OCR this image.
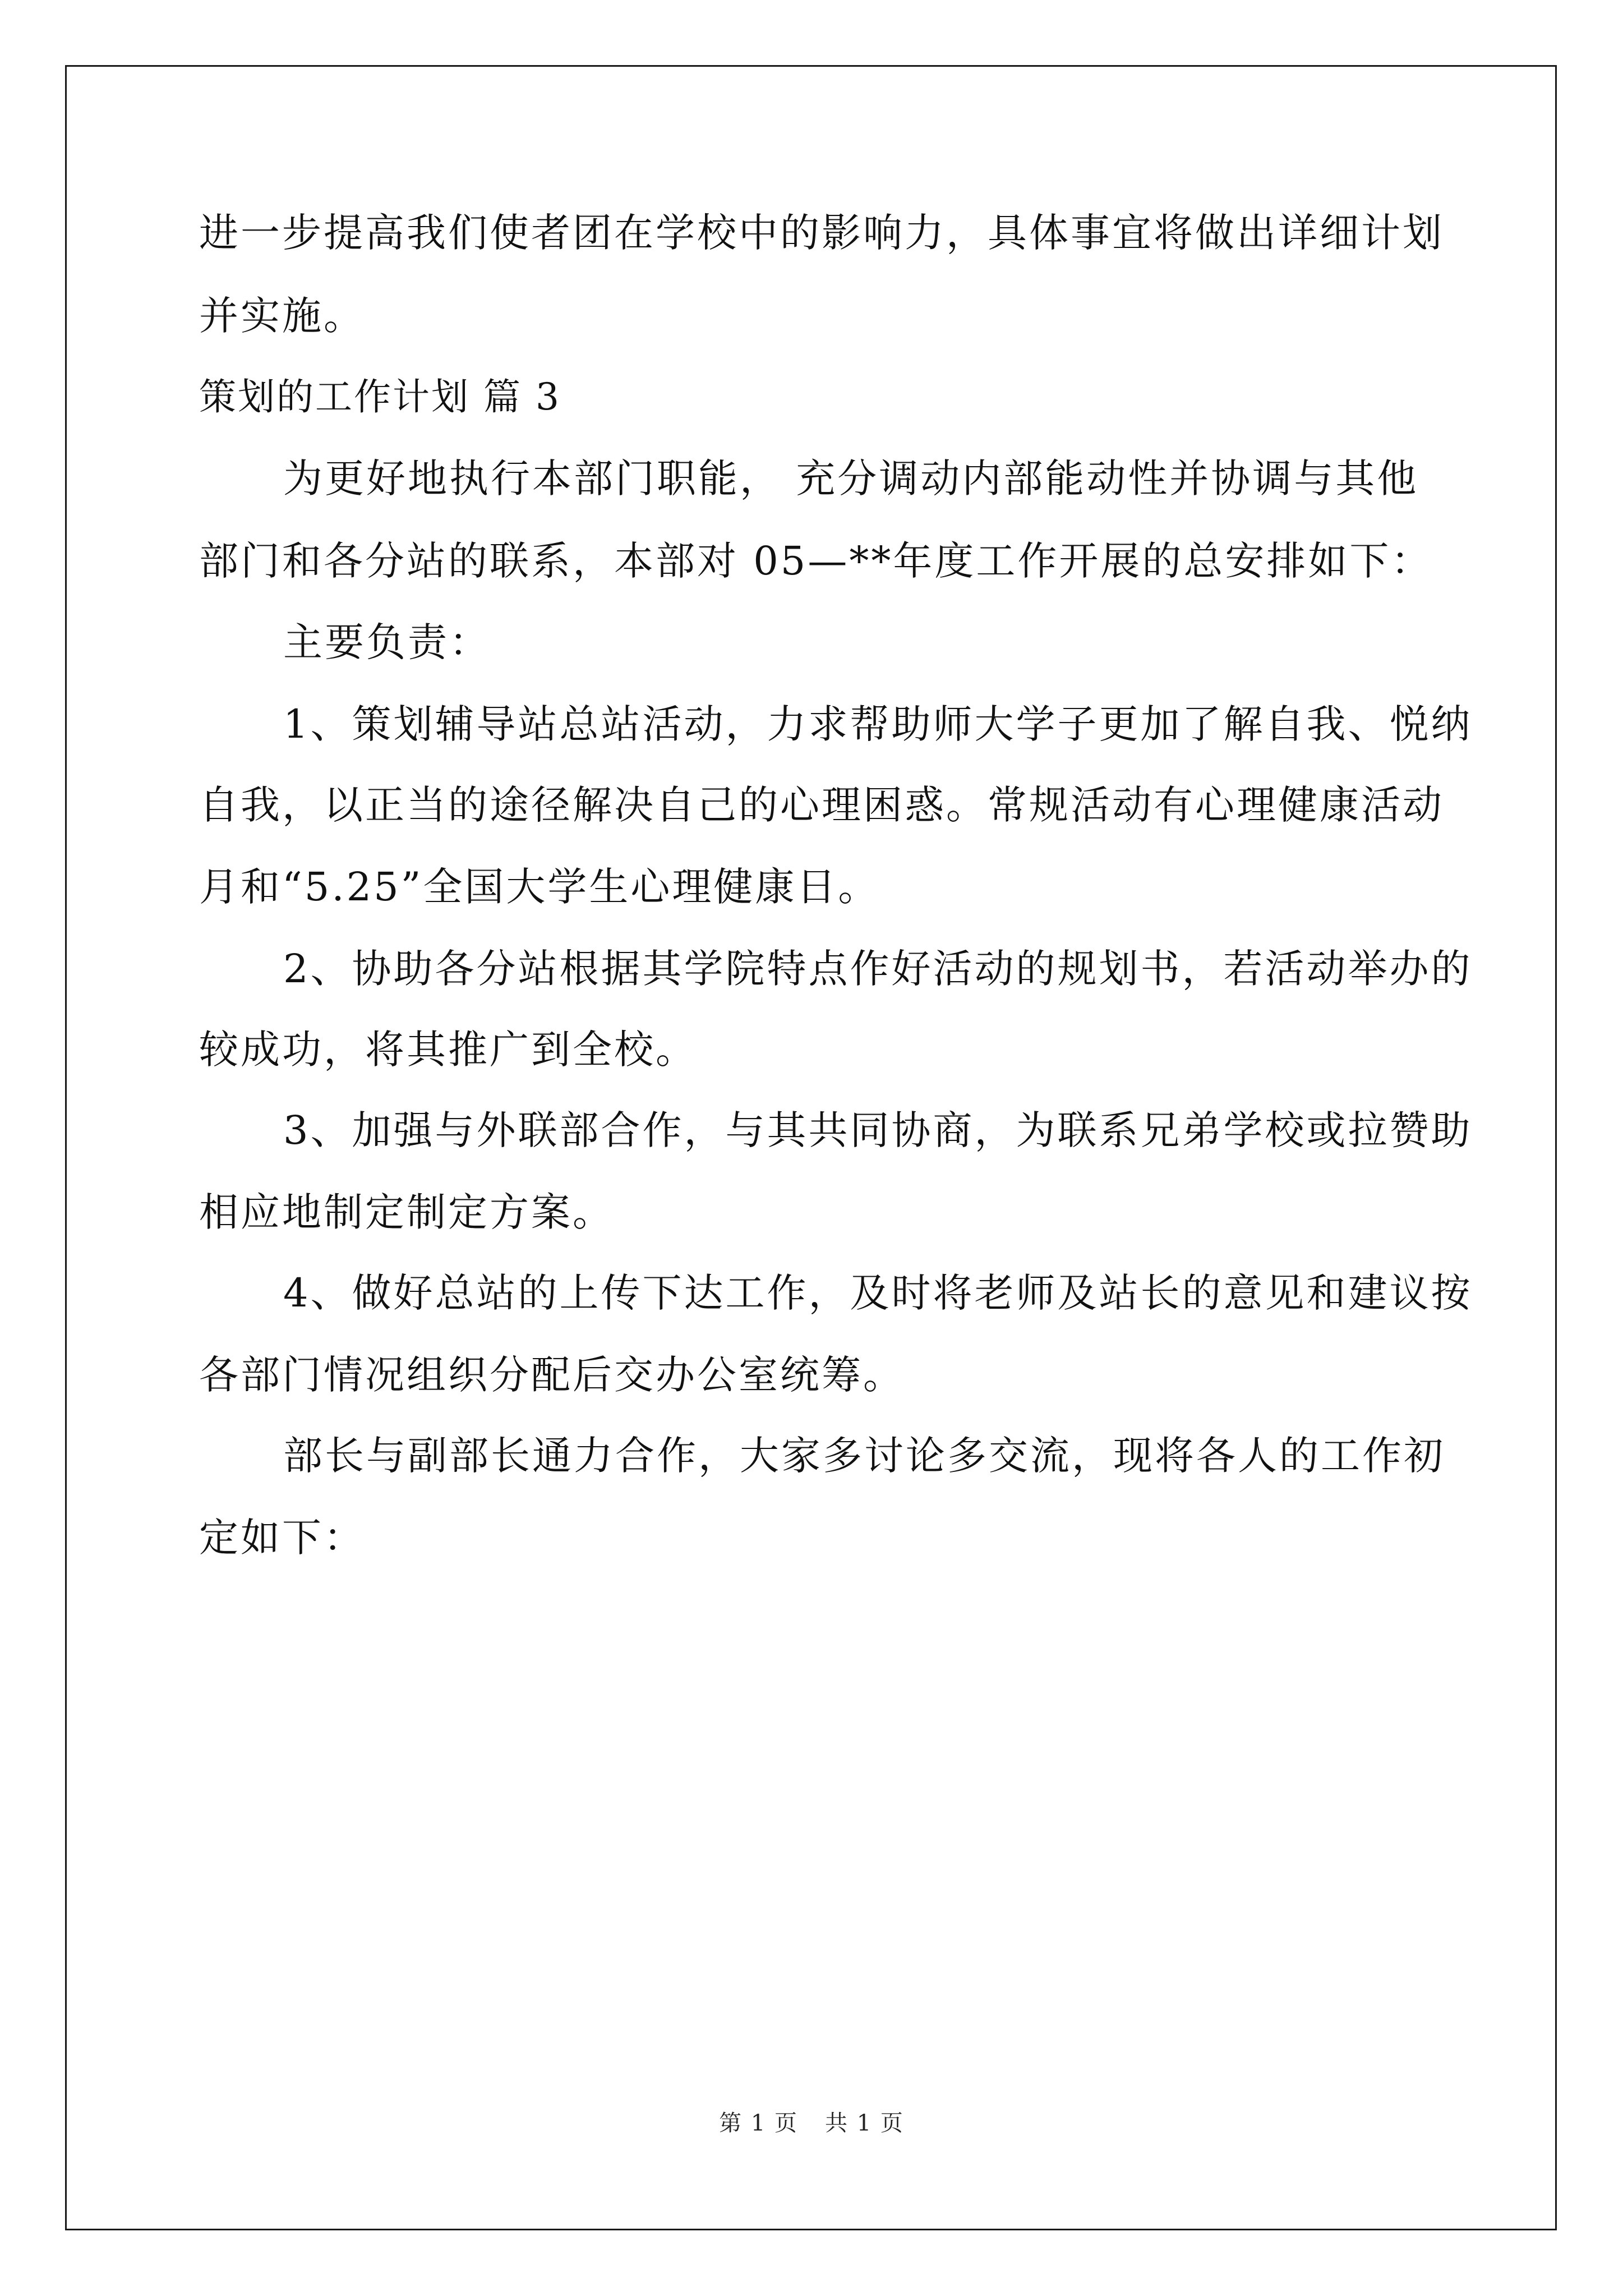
进一步提高我们使者团在学校中的影响力，具体事宜将做出详细计划
并实施。
策划的工作计划 篇 3
为更好地执行本部门职能， 充分调动内部能动性并协调与其他
部门和各分站的联系，本部对 05—**年度工作开展的总安排如下：
主要负责：
1、策划辅导站总站活动，力求帮助师大学子更加了解自我、悦纳
自我，以正当的途径解决自己的心理困惑。常规活动有心理健康活动
月和“5.25”全国大学生心理健康日。
2、协助各分站根据其学院特点作好活动的规划书，若活动举办的
较成功，将其推广到全校。
3、加强与外联部合作，与其共同协商，为联系兄弟学校或拉赞助
相应地制定制定方案。
4、做好总站的上传下达工作，及时将老师及站长的意见和建议按
各部门情况组织分配后交办公室统筹。
部长与副部长通力合作，大家多讨论多交流，现将各人的工作初
定如下：
第 1 页 共 1 页
